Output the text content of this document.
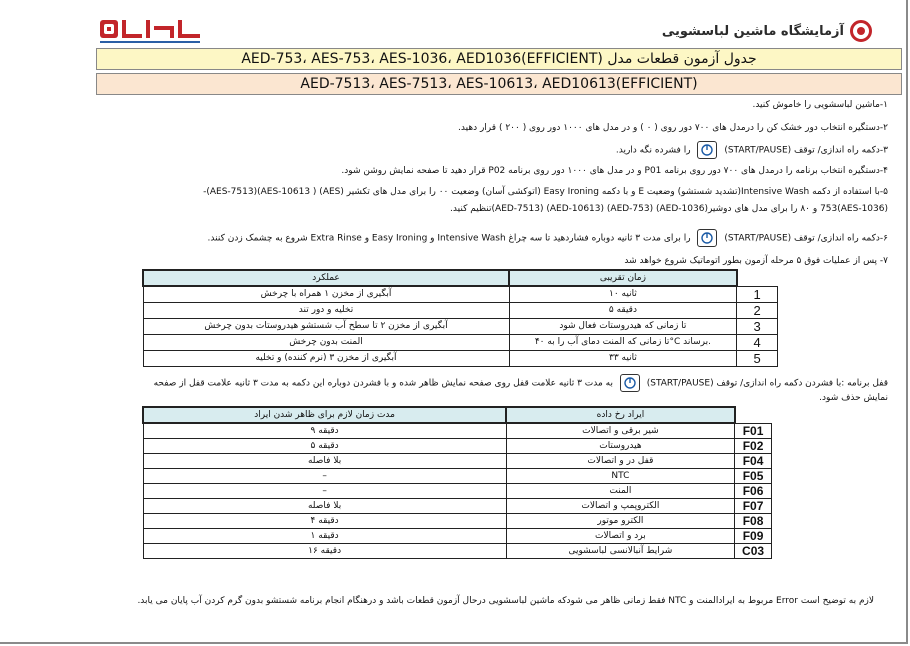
آزمایشگاه ماشین لباسشویی
جدول آزمون قطعات مدل AED-753، AES-753، AES-1036، AED1036(EFFICIENT)
AED-7513، AES-7513، AES-10613، AED10613(EFFICIENT)
۱-ماشین لباسشویی را خاموش کنید.
۲-دستگیره انتخاب دور خشک کن را درمدل های ۷۰۰ دور روی ( ۰ ) و در مدل های ۱۰۰۰ دور روی ( ۲۰۰ ) قرار دهید.
۳-دکمه راه اندازی/ توقف (START/PAUSE)
را فشرده نگه دارید.
۴-دستگیره انتخاب برنامه را درمدل های ۷۰۰ دور روی برنامه P01 و در مدل های ۱۰۰۰ دور روی برنامه P02 قرار دهید تا صفحه نمایش روشن شود.
۵-با استفاده از دکمه Intensive Wash(تشدید شستشو) وضعیت E و با دکمه Easy Ironing (اتوکشی آسان) وضعیت ۰۰ را برای مدل های تکشیر (AES) ( AES-10613)(AES-7513)-
(AES-1036)753 و ۸۰ را برای مدل های دوشیر(AED-1036) (AED-753) (AED-10613) (AED-7513)تنظیم کنید.
۶-دکمه راه اندازی/ توقف (START/PAUSE)
را برای مدت ۳ ثانیه دوباره فشاردهید تا سه چراغ Intensive Wash و Easy Ironing و Extra Rinse شروع به چشمک زدن کنند.
۷- پس از عملیات فوق ۵ مرحله آزمون بطور اتوماتیک شروع خواهد شد
عملکرد	زمان تقریبی	
آبگیری از مخزن ۱ همراه با چرخش	۱۰ ثانیه	1
تخلیه و دور تند	۵ دقیقه	2
آبگیری از مخزن ۲ تا سطح آب شستشو هیدروستات بدون چرخش	تا زمانی که هیدروستات فعال شود	3
المنت بدون چرخش	تا زمانی که المنت دمای آب را به ۴۰°C برساند.	4
آبگیری از مخزن ۳ (نرم کننده) و تخلیه	۳۳ ثانیه	5
قفل برنامه :با فشردن دکمه راه اندازی/ توقف (START/PAUSE)
به مدت ۳ ثانیه علامت قفل روی صفحه نمایش ظاهر شده و با فشردن دوباره این دکمه به مدت ۳ ثانیه علامت قفل از صفحه
نمایش حذف شود.
مدت زمان لازم برای ظاهر شدن ایراد	ایراد رخ داده	
۹ دقیقه	شیر برقی و اتصالات	F01
۵ دقیقه	هیدروستات	F02
بلا فاصله	قفل در و اتصالات	F04
–	NTC	F05
–	المنت	F06
بلا فاصله	الکتروپمپ و اتصالات	F07
۴ دقیقه	الکترو موتور	F08
۱ دقیقه	برد و اتصالات	F09
۱۶ دقیقه	شرایط آنبالانسی لباسشویی	C03
لازم به توضیح است Error مربوط به ایرادالمنت و NTC فقط زمانی ظاهر می شودکه ماشین لباسشویی درحال آزمون قطعات باشد و درهنگام انجام برنامه شستشو بدون گرم کردن آب پایان می یابد.
